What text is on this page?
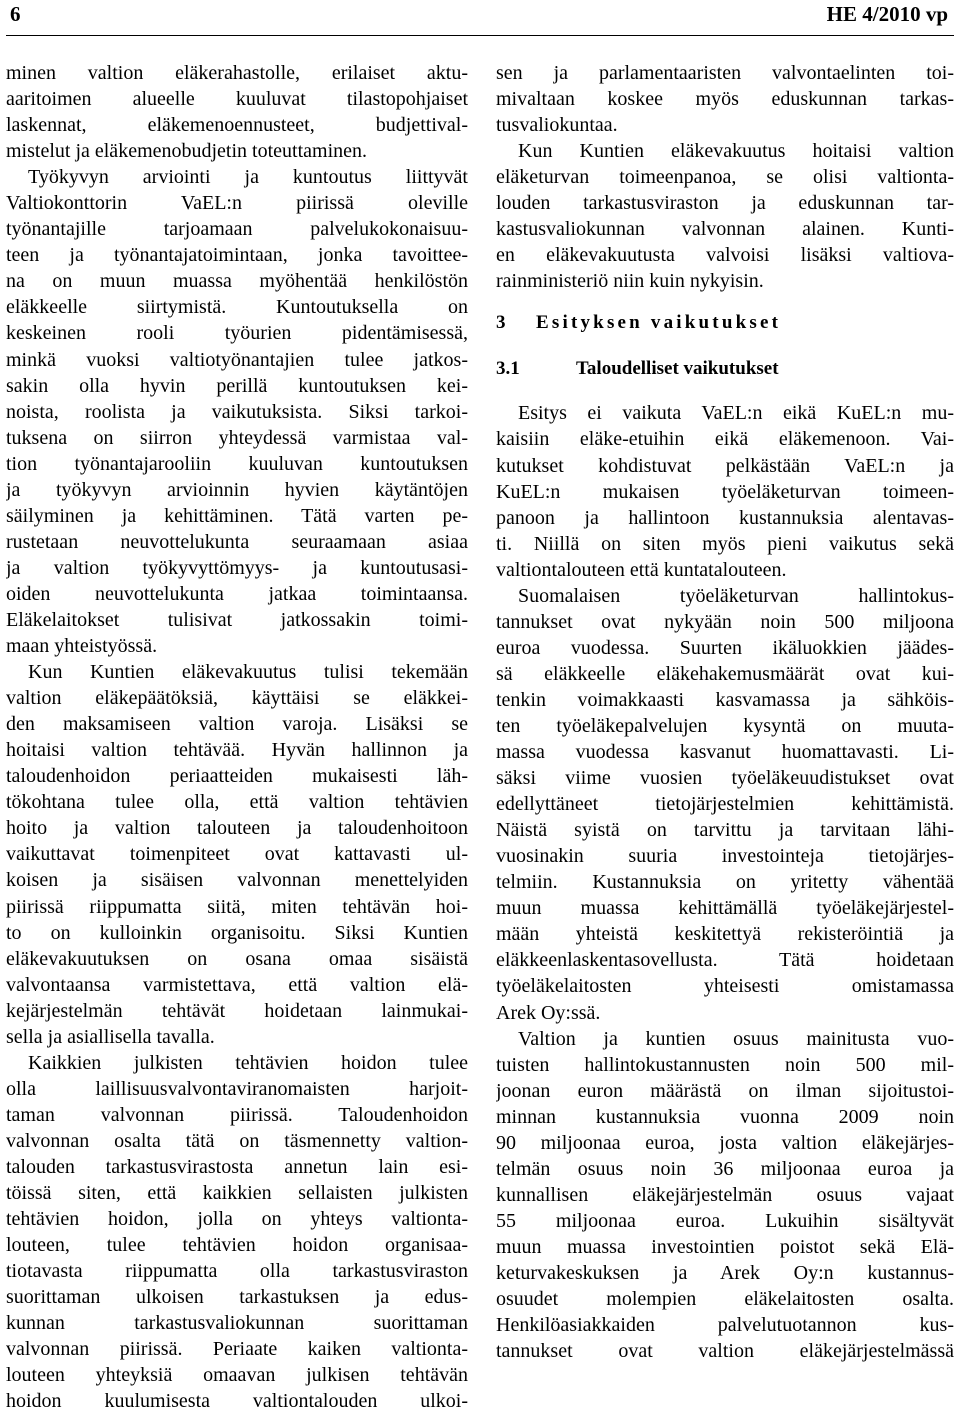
6	HE 4/2010 vp
minen valtion eläkerahastolle, erilaiset aktu-
aaritoimen alueelle kuuluvat tilastopohjaiset
laskennat, eläkemenoennusteet, budjettival-
mistelut ja eläkemenobudjetin toteuttaminen.
Työkyvyn arviointi ja kuntoutus liittyvät
Valtiokonttorin VaEL:n piirissä oleville
työnantajille tarjoamaan palvelukokonaisuu-
teen ja työnantajatoimintaan, jonka tavoittee-
na on muun muassa myöhentää henkilöstön
eläkkeelle siirtymistä. Kuntoutuksella on
keskeinen rooli työurien pidentämisessä,
minkä vuoksi valtiotyönantajien tulee jatkos-
sakin olla hyvin perillä kuntoutuksen kei-
noista, roolista ja vaikutuksista. Siksi tarkoi-
tuksena on siirron yhteydessä varmistaa val-
tion työnantajarooliin kuuluvan kuntoutuksen
ja työkyvyn arvioinnin hyvien käytäntöjen
säilyminen ja kehittäminen. Tätä varten pe-
rustetaan neuvottelukunta seuraamaan asiaa
ja valtion työkyvyttömyys- ja kuntoutusasi-
oiden neuvottelukunta jatkaa toimintaansa.
Eläkelaitokset tulisivat jatkossakin toimi-
maan yhteistyössä.
Kun Kuntien eläkevakuutus tulisi tekemään
valtion eläkepäätöksiä, käyttäisi se eläkkei-
den maksamiseen valtion varoja. Lisäksi se
hoitaisi valtion tehtävää. Hyvän hallinnon ja
taloudenhoidon periaatteiden mukaisesti läh-
tökohtana tulee olla, että valtion tehtävien
hoito ja valtion talouteen ja taloudenhoitoon
vaikuttavat toimenpiteet ovat kattavasti ul-
koisen ja sisäisen valvonnan menettelyiden
piirissä riippumatta siitä, miten tehtävän hoi-
to on kulloinkin organisoitu. Siksi Kuntien
eläkevakuutuksen on osana omaa sisäistä
valvontaansa varmistettava, että valtion elä-
kejärjestelmän tehtävät hoidetaan lainmukai-
sella ja asiallisella tavalla.
Kaikkien julkisten tehtävien hoidon tulee
olla laillisuusvalvontaviranomaisten harjoit-
taman valvonnan piirissä. Taloudenhoidon
valvonnan osalta tätä on täsmennetty valtion-
talouden tarkastusvirastosta annetun lain esi-
töissä siten, että kaikkien sellaisten julkisten
tehtävien hoidon, jolla on yhteys valtionta-
louteen, tulee tehtävien hoidon organisaa-
tiotavasta riippumatta olla tarkastusviraston
suorittaman ulkoisen tarkastuksen ja edus-
kunnan tarkastusvaliokunnan suorittaman
valvonnan piirissä. Periaate kaiken valtionta-
louteen yhteyksiä omaavan julkisen tehtävän
hoidon kuulumisesta valtiontalouden ulkoi-
sen ja parlamentaaristen valvontaelinten toi-
mivaltaan koskee myös eduskunnan tarkas-
tusvaliokuntaa.
Kun Kuntien eläkevakuutus hoitaisi valtion
eläketurvan toimeenpanoa, se olisi valtionta-
louden tarkastusviraston ja eduskunnan tar-
kastusvaliokunnan valvonnan alainen. Kunti-
en eläkevakuutusta valvoisi lisäksi valtiova-
rainministeriö niin kuin nykyisin.
3 Esityksen vaikutukset
3.1	Taloudelliset vaikutukset
Esitys ei vaikuta VaEL:n eikä KuEL:n mu-
kaisiin eläke-etuihin eikä eläkemenoon. Vai-
kutukset kohdistuvat pelkästään VaEL:n ja
KuEL:n mukaisen työeläketurvan toimeen-
panoon ja hallintoon kustannuksia alentavas-
ti. Niillä on siten myös pieni vaikutus sekä
valtiontalouteen että kuntatalouteen.
Suomalaisen työeläketurvan hallintokus-
tannukset ovat nykyään noin 500 miljoona
euroa vuodessa. Suurten ikäluokkien jäädes-
sä eläkkeelle eläkehakemusmäärät ovat kui-
tenkin voimakkaasti kasvamassa ja sähköis-
ten työeläkepalvelujen kysyntä on muuta-
massa vuodessa kasvanut huomattavasti. Li-
säksi viime vuosien työeläkeuudistukset ovat
edellyttäneet tietojärjestelmien kehittämistä.
Näistä syistä on tarvittu ja tarvitaan lähi-
vuosinakin suuria investointeja tietojärjes-
telmiin. Kustannuksia on yritetty vähentää
muun muassa kehittämällä työeläkejärjestel-
mään yhteistä keskitettyä rekisteröintiä ja
eläkkeenlaskentasovellusta. Tätä hoidetaan
työeläkelaitosten yhteisesti omistamassa
Arek Oy:ssä.
Valtion ja kuntien osuus mainitusta vuo-
tuisten hallintokustannusten noin 500 mil-
joonan euron määrästä on ilman sijoitustoi-
minnan kustannuksia vuonna 2009 noin
90 miljoonaa euroa, josta valtion eläkejärjes-
telmän osuus noin 36 miljoonaa euroa ja
kunnallisen eläkejärjestelmän osuus vajaat
55 miljoonaa euroa. Lukuihin sisältyvät
muun muassa investointien poistot sekä Elä-
keturvakeskuksen ja Arek Oy:n kustannus-
osuudet molempien eläkelaitosten osalta.
Henkilöasiakkaiden palvelutuotannon kus-
tannukset ovat valtion eläkejärjestelmässä
